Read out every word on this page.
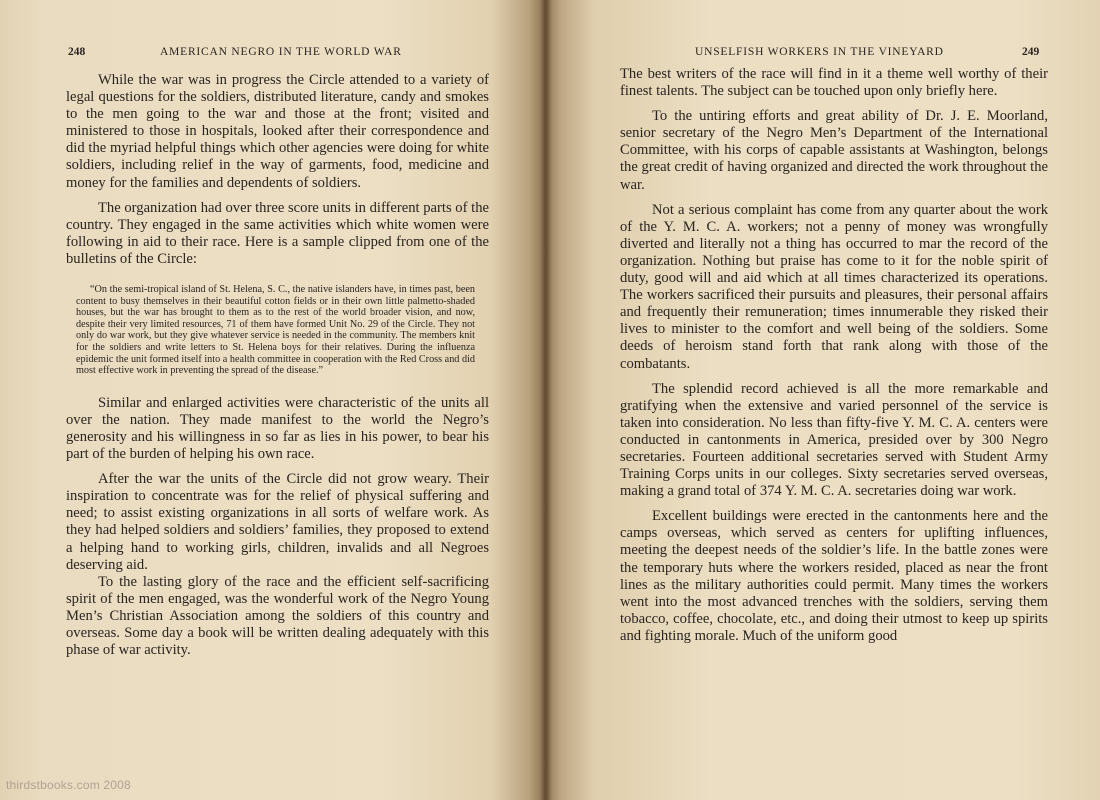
248	AMERICAN NEGRO IN THE WORLD WAR

While the war was in progress the Circle attended to a variety of legal questions for the soldiers, distributed literature, candy and smokes to the men going to the war and those at the front; visited and ministered to those in hospitals, looked after their correspondence and did the myriad helpful things which other agencies were doing for white soldiers, including relief in the way of garments, food, medicine and money for the families and dependents of soldiers.

The organization had over three score units in different parts of the country. They engaged in the same activities which white women were following in aid to their race. Here is a sample clipped from one of the bulletins of the Circle:

“On the semi-tropical island of St. Helena, S. C., the native islanders have, in times past, been content to busy themselves in their beautiful cotton fields or in their own little palmetto-shaded houses, but the war has brought to them as to the rest of the world broader vision, and now, despite their very limited resources, 71 of them have formed Unit No. 29 of the Circle. They not only do war work, but they give whatever service is needed in the community. The members knit for the soldiers and write letters to St. Helena boys for their relatives. During the influenza epidemic the unit formed itself into a health committee in cooperation with the Red Cross and did most effective work in preventing the spread of the disease.”

Similar and enlarged activities were characteristic of the units all over the nation. They made manifest to the world the Negro’s generosity and his willingness in so far as lies in his power, to bear his part of the burden of helping his own race.

After the war the units of the Circle did not grow weary. Their inspiration to concentrate was for the relief of physical suffering and need; to assist existing organizations in all sorts of welfare work. As they had helped soldiers and soldiers’ families, they proposed to extend a helping hand to working girls, children, invalids and all Negroes deserving aid.

To the lasting glory of the race and the efficient self-sacrificing spirit of the men engaged, was the wonderful work of the Negro Young Men’s Christian Association among the soldiers of this country and overseas. Some day a book will be written dealing adequately with this phase of war activity.

UNSELFISH WORKERS IN THE VINEYARD	249

The best writers of the race will find in it a theme well worthy of their finest talents. The subject can be touched upon only briefly here.

To the untiring efforts and great ability of Dr. J. E. Moorland, senior secretary of the Negro Men’s Department of the International Committee, with his corps of capable assistants at Washington, belongs the great credit of having organized and directed the work throughout the war.

Not a serious complaint has come from any quarter about the work of the Y. M. C. A. workers; not a penny of money was wrongfully diverted and literally not a thing has occurred to mar the record of the organization. Nothing but praise has come to it for the noble spirit of duty, good will and aid which at all times characterized its operations. The workers sacrificed their pursuits and pleasures, their personal affairs and frequently their remuneration; times innumerable they risked their lives to minister to the comfort and well being of the soldiers. Some deeds of heroism stand forth that rank along with those of the combatants.

The splendid record achieved is all the more remarkable and gratifying when the extensive and varied personnel of the service is taken into consideration. No less than fifty-five Y. M. C. A. centers were conducted in cantonments in America, presided over by 300 Negro secretaries. Fourteen additional secretaries served with Student Army Training Corps units in our colleges. Sixty secretaries served overseas, making a grand total of 374 Y. M. C. A. secretaries doing war work.

Excellent buildings were erected in the cantonments here and the camps overseas, which served as centers for uplifting influences, meeting the deepest needs of the soldier’s life. In the battle zones were the temporary huts where the workers resided, placed as near the front lines as the military authorities could permit. Many times the workers went into the most advanced trenches with the soldiers, serving them tobacco, coffee, chocolate, etc., and doing their utmost to keep up spirits and fighting morale. Much of the uniform good

thirdstbooks.com 2008
